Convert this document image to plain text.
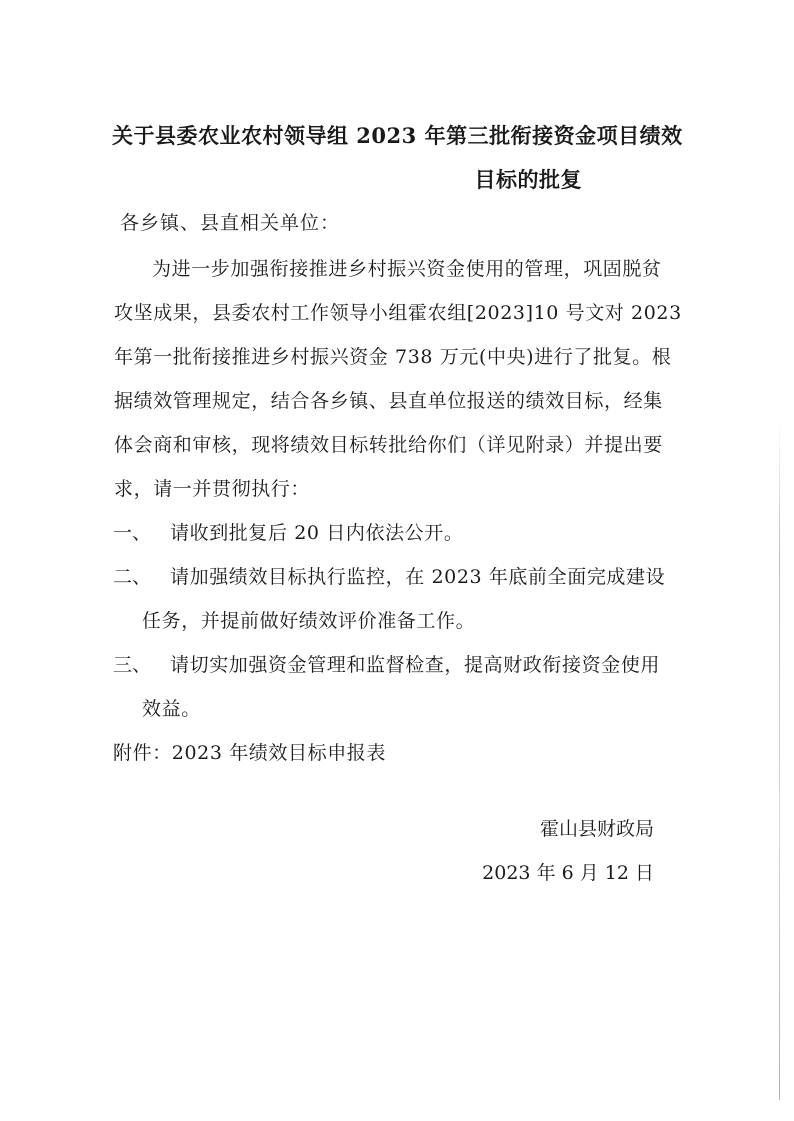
关于县委农业农村领导组 2023 年第三批衔接资金项目绩效
目标的批复
各乡镇、县直相关单位：
为进一步加强衔接推进乡村振兴资金使用的管理，巩固脱贫
攻坚成果，县委农村工作领导小组霍农组[2023]10 号文对 2023
年第一批衔接推进乡村振兴资金 738 万元(中央)进行了批复。根
据绩效管理规定，结合各乡镇、县直单位报送的绩效目标，经集
体会商和审核，现将绩效目标转批给你们（详见附录）并提出要
求，请一并贯彻执行：
一、 请收到批复后 20 日内依法公开。
二、 请加强绩效目标执行监控，在 2023 年底前全面完成建设
任务，并提前做好绩效评价准备工作。
三、 请切实加强资金管理和监督检查，提高财政衔接资金使用
效益。
附件：2023 年绩效目标申报表
霍山县财政局
2023 年 6 月 12 日
